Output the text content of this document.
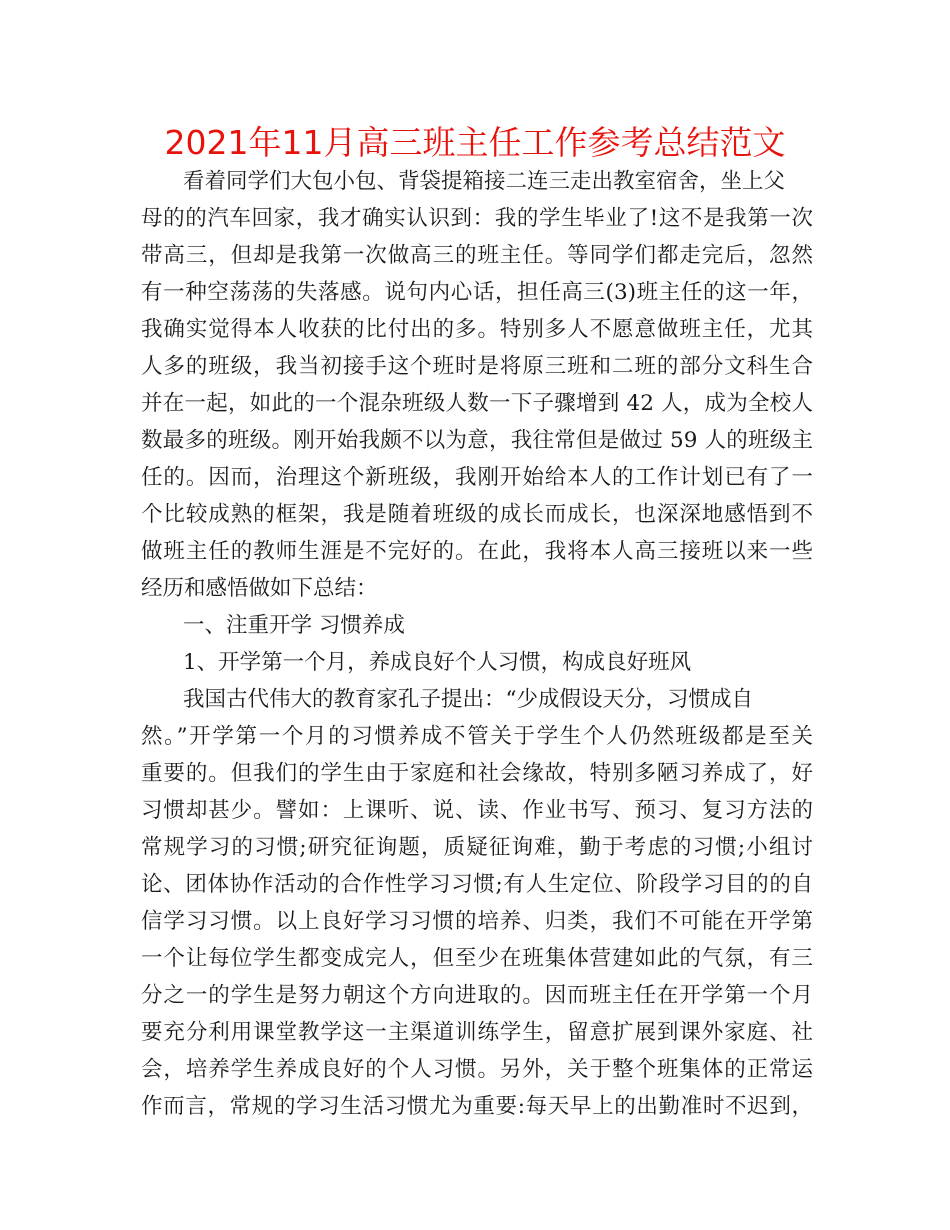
2021年11月高三班主任工作参考总结范文
看着同学们大包小包、背袋提箱接二连三走出教室宿舍，坐上父
母的的汽车回家，我才确实认识到：我的学生毕业了!这不是我第一次
带高三，但却是我第一次做高三的班主任。等同学们都走完后，忽然
有一种空荡荡的失落感。说句内心话，担任高三(3)班主任的这一年，
我确实觉得本人收获的比付出的多。特别多人不愿意做班主任，尤其
人多的班级，我当初接手这个班时是将原三班和二班的部分文科生合
并在一起，如此的一个混杂班级人数一下子骤增到 42 人，成为全校人
数最多的班级。刚开始我颇不以为意，我往常但是做过 59 人的班级主
任的。因而，治理这个新班级，我刚开始给本人的工作计划已有了一
个比较成熟的框架，我是随着班级的成长而成长，也深深地感悟到不
做班主任的教师生涯是不完好的。在此，我将本人高三接班以来一些
经历和感悟做如下总结：
一、注重开学 习惯养成
1、开学第一个月，养成良好个人习惯，构成良好班风
我国古代伟大的教育家孔子提出：“少成假设天分，习惯成自
然。”开学第一个月的习惯养成不管关于学生个人仍然班级都是至关
重要的。但我们的学生由于家庭和社会缘故，特别多陋习养成了，好
习惯却甚少。譬如：上课听、说、读、作业书写、预习、复习方法的
常规学习的习惯;研究征询题，质疑征询难，勤于考虑的习惯;小组讨
论、团体协作活动的合作性学习习惯;有人生定位、阶段学习目的的自
信学习习惯。以上良好学习习惯的培养、归类，我们不可能在开学第
一个让每位学生都变成完人，但至少在班集体营建如此的气氛，有三
分之一的学生是努力朝这个方向进取的。因而班主任在开学第一个月
要充分利用课堂教学这一主渠道训练学生，留意扩展到课外家庭、社
会，培养学生养成良好的个人习惯。另外，关于整个班集体的正常运
作而言，常规的学习生活习惯尤为重要:每天早上的出勤准时不迟到，
